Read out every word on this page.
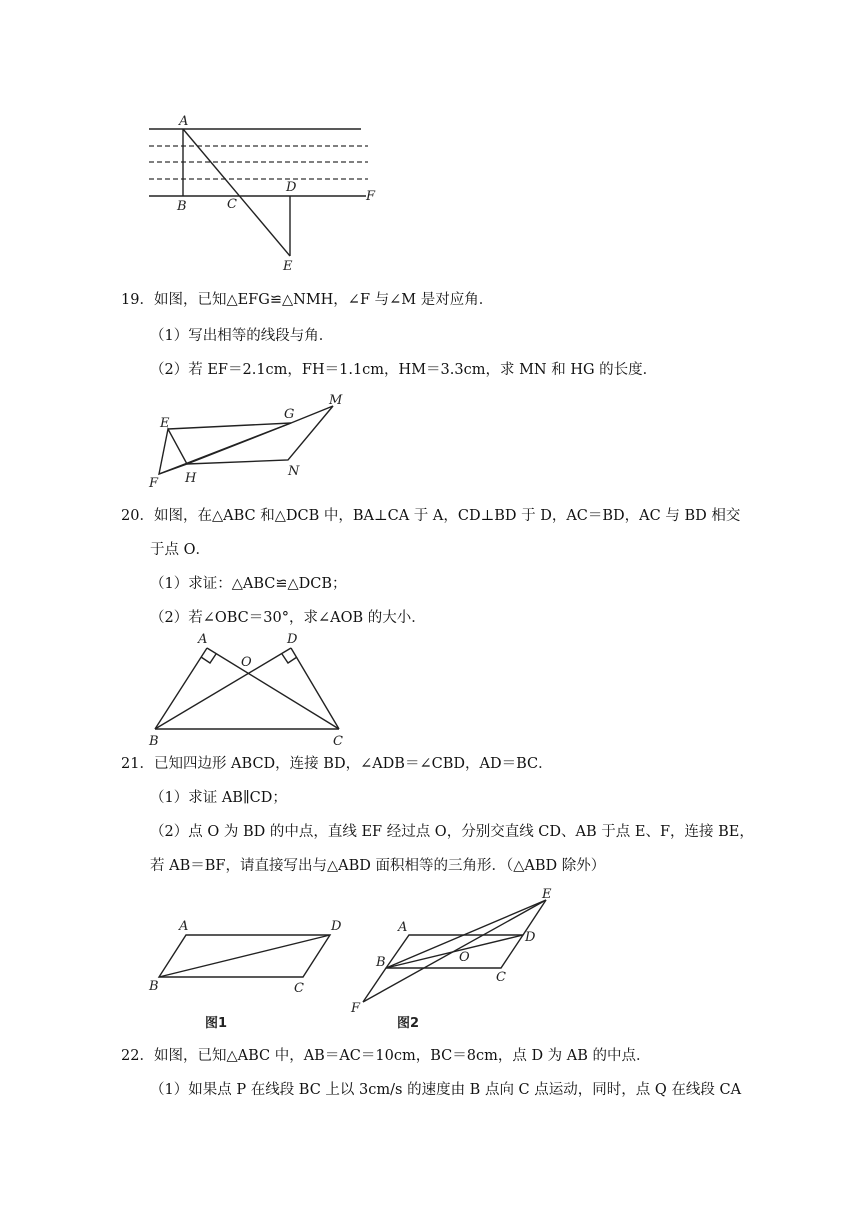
A
B	C
D
E
F
19．如图，已知△EFG≌△NMH，∠F 与∠M 是对应角．
（1）写出相等的线段与角．
（2）若 EF＝2.1cm，FH＝1.1cm，HM＝3.3cm，求 MN 和 HG 的长度．
E
G
M
F H	N
20．如图，在△ABC 和△DCB 中，BA⊥CA 于 A，CD⊥BD 于 D，AC＝BD，AC 与 BD 相交
于点 O．
（1）求证：△ABC≌△DCB；
（2）若∠OBC＝30°，求∠AOB 的大小．
A	D
O
B	C
21．已知四边形 ABCD，连接 BD，∠ADB＝∠CBD，AD＝BC．
（1）求证 AB∥CD；
（2）点 O 为 BD 的中点，直线 EF 经过点 O，分别交直线 CD、AB 于点 E、F，连接 BE，
若 AB＝BF，请直接写出与△ABD 面积相等的三角形．（△ABD 除外）
A	D
B	C
图1
E
A
D
B	O
C
F
图2
22．如图，已知△ABC 中，AB＝AC＝10cm，BC＝8cm，点 D 为 AB 的中点．
（1）如果点 P 在线段 BC 上以 3cm/s 的速度由 B 点向 C 点运动，同时，点 Q 在线段 CA
